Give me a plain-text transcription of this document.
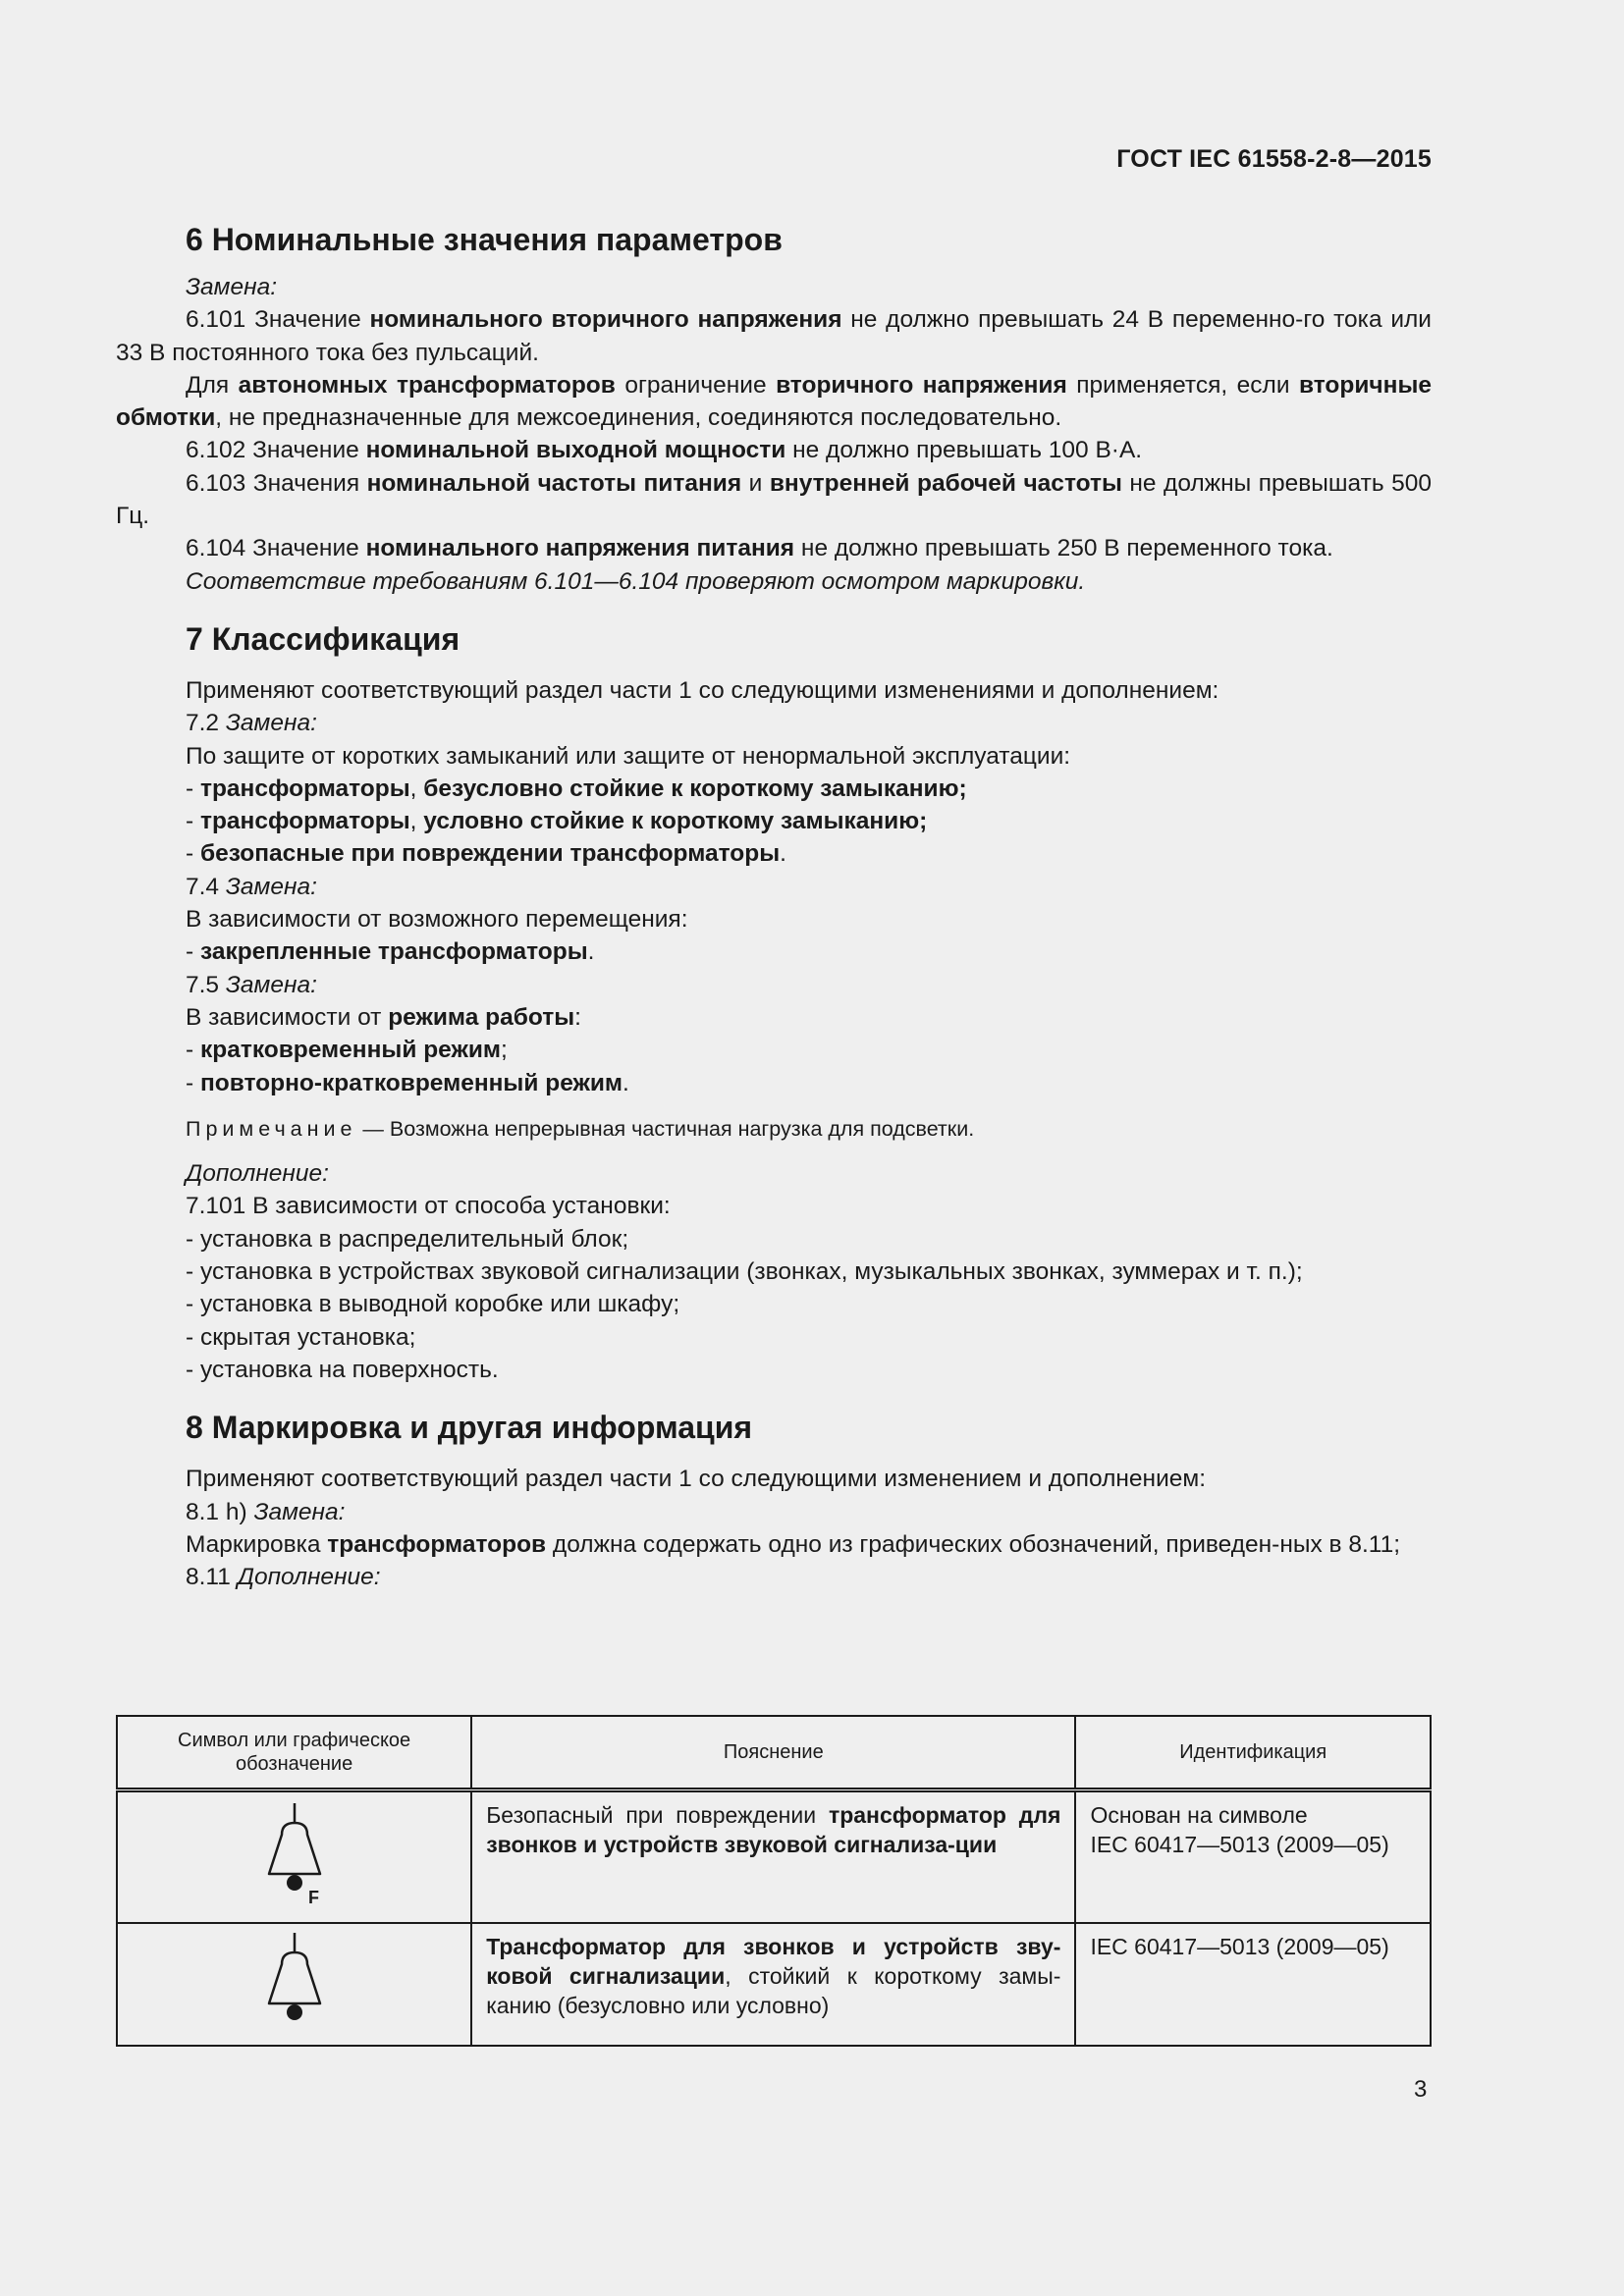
ГОСТ IEC 61558-2-8—2015
6 Номинальные значения параметров

Замена:

6.101 Значение номинального вторичного напряжения не должно превышать 24 В переменно-го тока или 33 В постоянного тока без пульсаций.

Для автономных трансформаторов ограничение вторичного напряжения применяется, если вторичные обмотки, не предназначенные для межсоединения, соединяются последовательно.

6.102 Значение номинальной выходной мощности не должно превышать 100 В·А.

6.103 Значения номинальной частоты питания и внутренней рабочей частоты не должны превышать 500 Гц.

6.104 Значение номинального напряжения питания не должно превышать 250 В переменного тока.

Соответствие требованиям 6.101—6.104 проверяют осмотром маркировки.

7 Классификация

Применяют соответствующий раздел части 1 со следующими изменениями и дополнением:

7.2 Замена:

По защите от коротких замыканий или защите от ненормальной эксплуатации:

- трансформаторы, безусловно стойкие к короткому замыканию;

- трансформаторы, условно стойкие к короткому замыканию;

- безопасные при повреждении трансформаторы.

7.4 Замена:

В зависимости от возможного перемещения:

- закрепленные трансформаторы.

7.5 Замена:

В зависимости от режима работы:

- кратковременный режим;

- повторно-кратковременный режим.

Примечание — Возможна непрерывная частичная нагрузка для подсветки.

Дополнение:

7.101 В зависимости от способа установки:

- установка в распределительный блок;

- установка в устройствах звуковой сигнализации (звонках, музыкальных звонках, зуммерах и т. п.);

- установка в выводной коробке или шкафу;

- скрытая установка;

- установка на поверхность.

8 Маркировка и другая информация

Применяют соответствующий раздел части 1 со следующими изменением и дополнением:

8.1 h) Замена:

Маркировка трансформаторов должна содержать одно из графических обозначений, приведен-ных в 8.11;

8.11 Дополнение:

Символ или графическое обозначение	Пояснение	Идентификация

F	Безопасный при повреждении трансформатор для звонков и устройств звуковой сигнализа-ции	Основан на символе
IEC 60417—5013 (2009—05)

	Трансформатор для звонков и устройств зву-ковой сигнализации, стойкий к короткому замы-канию (безусловно или условно)	IEC 60417—5013 (2009—05)
3
